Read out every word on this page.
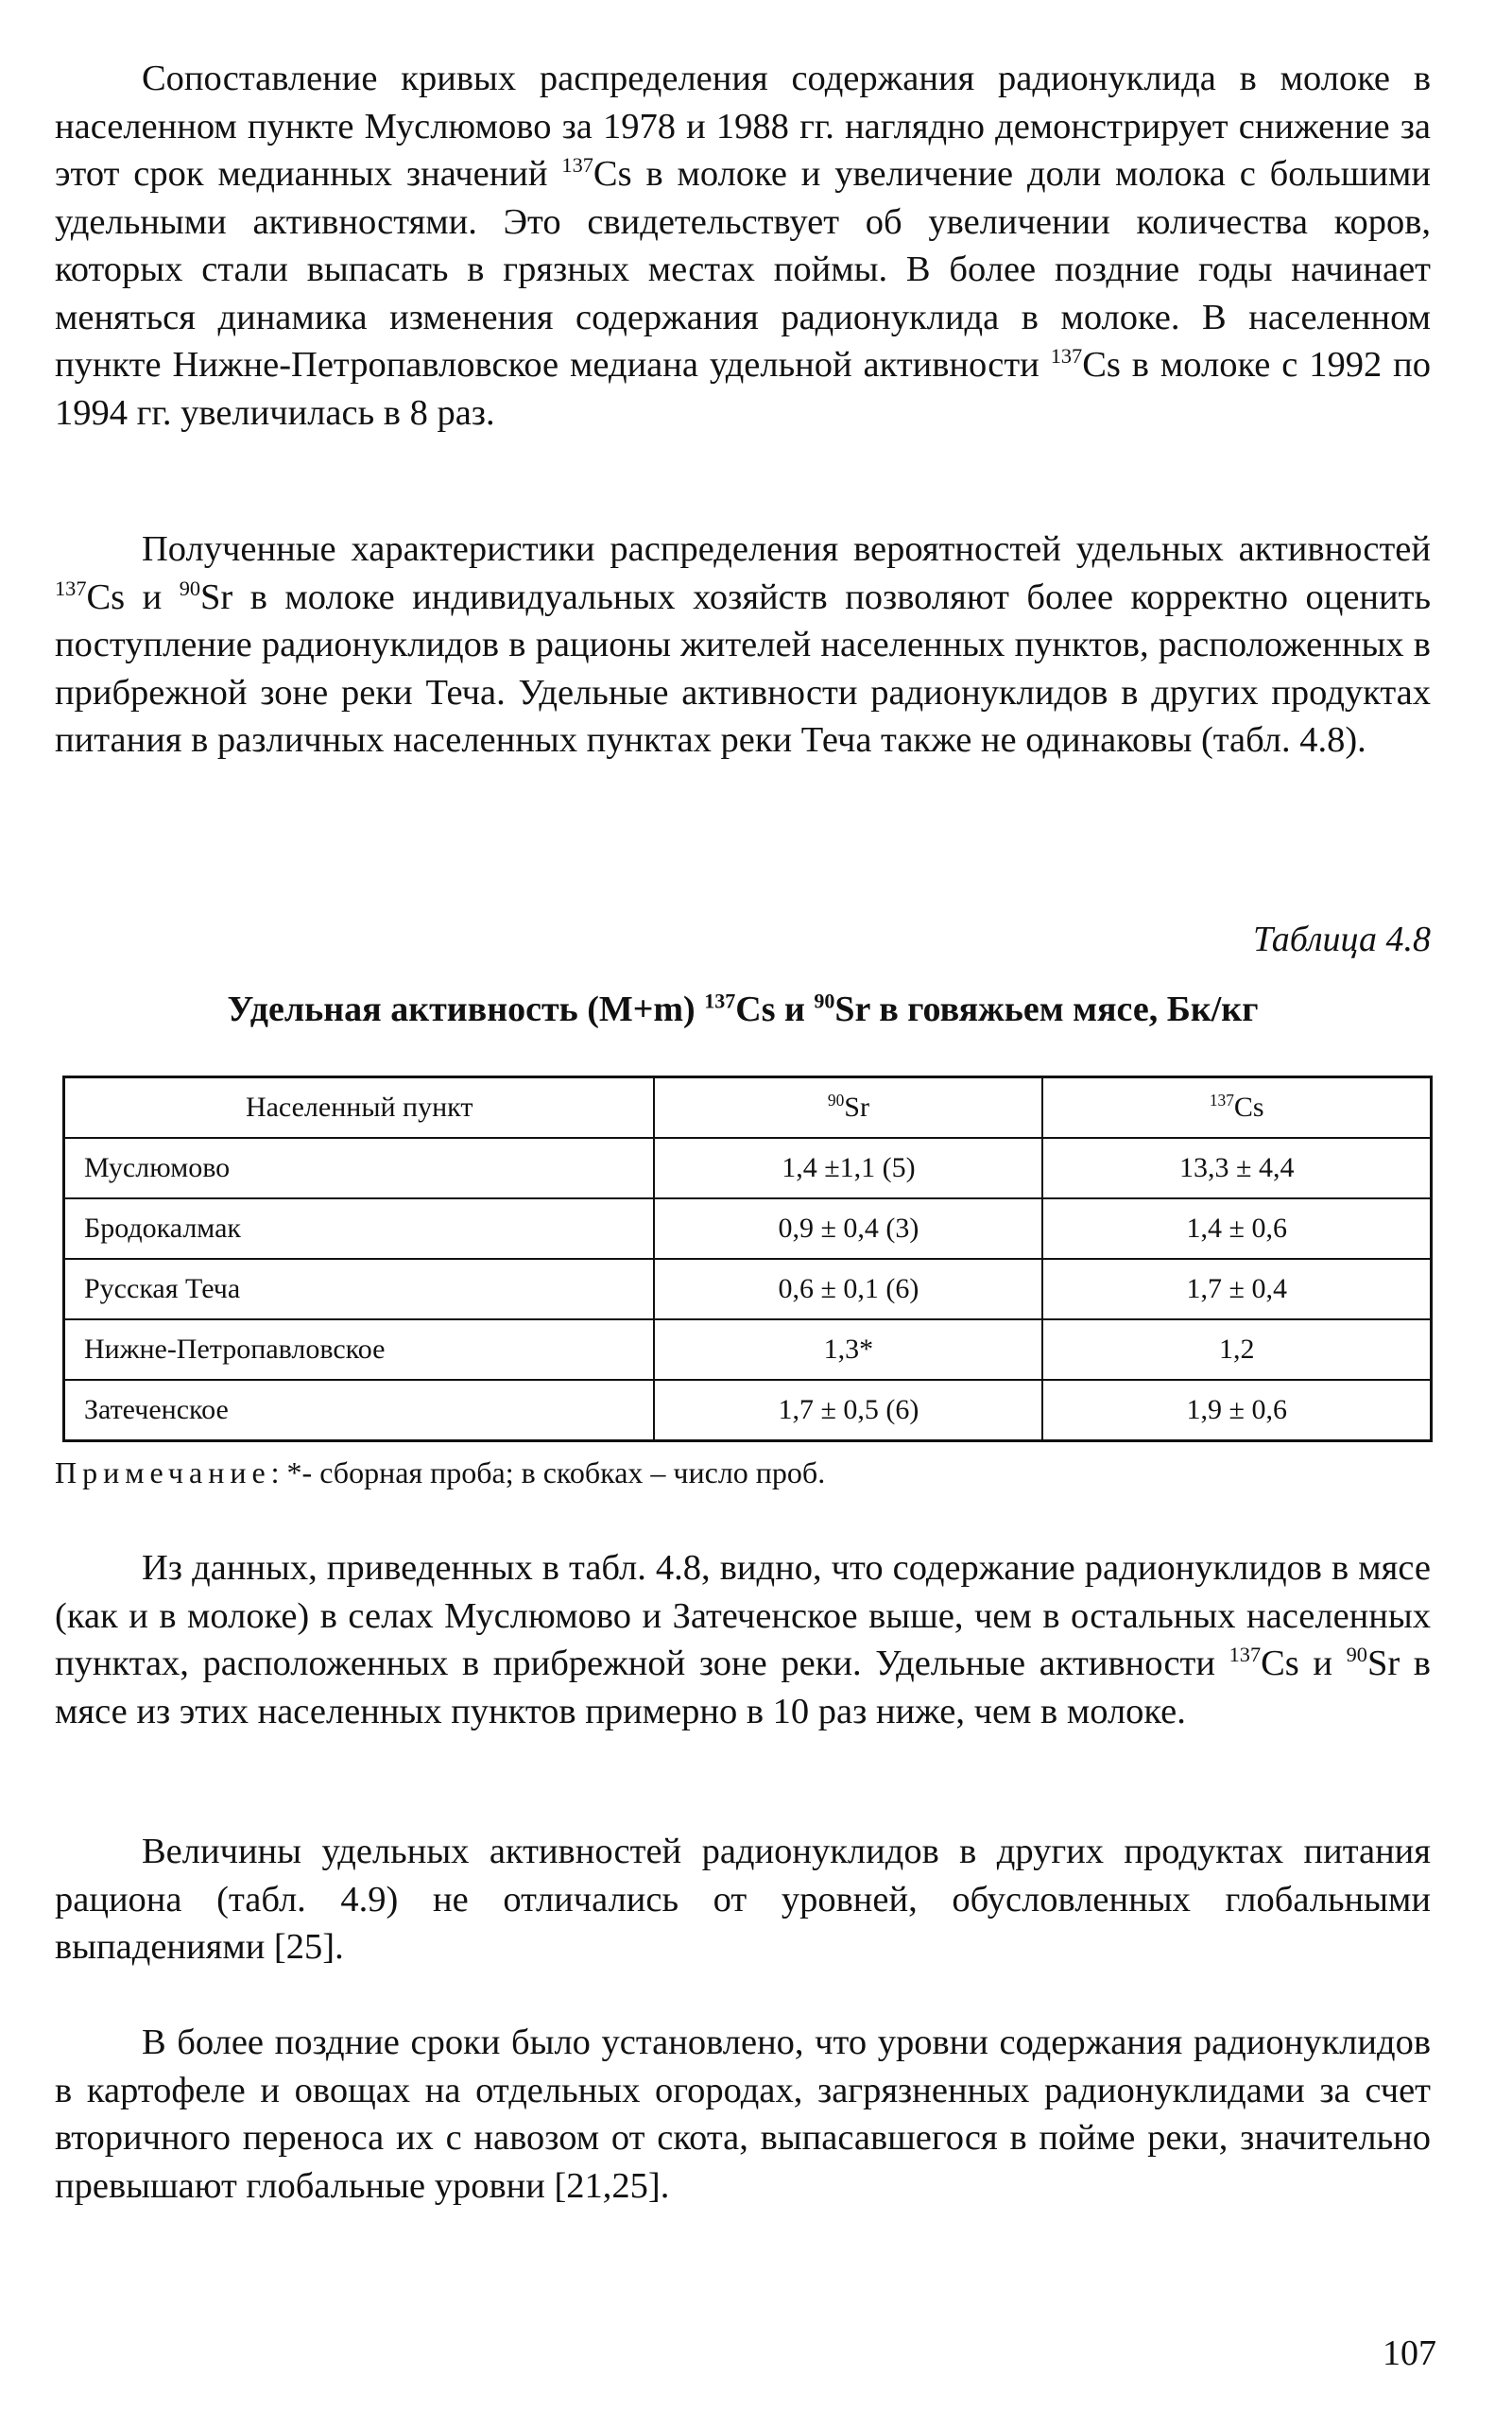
Сопоставление кривых распределения содержания радионуклида в молоке в населенном пункте Муслюмово за 1978 и 1988 гг. наглядно демонстрирует снижение за этот срок медианных значений $^{137}$Cs в молоке и увеличение доли молока с большими удельными активностями. Это свидетельствует об увеличении количества коров, которых стали выпасать в грязных местах поймы. В более поздние годы начинает меняться динамика изменения содержания радионуклида в молоке. В населенном пункте Нижне-Петропавловское медиана удельной активности $^{137}$Cs в молоке с 1992 по 1994 гг. увеличилась в 8 раз.

Полученные характеристики распределения вероятностей удельных активностей $^{137}$Cs и $^{90}$Sr в молоке индивидуальных хозяйств позволяют более корректно оценить поступление радионуклидов в рационы жителей населенных пунктов, расположенных в прибрежной зоне реки Теча. Удельные активности радионуклидов в других продуктах питания в различных населенных пунктах реки Теча также не одинаковы (табл. 4.8).

Таблица 4.8
Удельная активность (M+m) $^{137}$Cs и $^{90}$Sr в говяжьем мясе, Бк/кг
Населенный пункт	$^{90}$Sr	$^{137}$Cs
Муслюмово	1,4 ±1,1 (5)	13,3 ± 4,4
Бродокалмак	0,9 ± 0,4 (3)	1,4 ± 0,6
Русская Теча	0,6 ± 0,1 (6)	1,7 ± 0,4
Нижне-Петропавловское	1,3*	1,2
Затеченское	1,7 ± 0,5 (6)	1,9 ± 0,6
Примечание: *- сборная проба; в скобках – число проб.

Из данных, приведенных в табл. 4.8, видно, что содержание радионуклидов в мясе (как и в молоке) в селах Муслюмово и Затеченское выше, чем в остальных населенных пунктах, расположенных в прибрежной зоне реки. Удельные активности $^{137}$Cs и $^{90}$Sr в мясе из этих населенных пунктов примерно в 10 раз ниже, чем в молоке.

Величины удельных активностей радионуклидов в других продуктах питания рациона (табл. 4.9) не отличались от уровней, обусловленных глобальными выпадениями [25].

В более поздние сроки было установлено, что уровни содержания радионуклидов в картофеле и овощах на отдельных огородах, загрязненных радионуклидами за счет вторичного переноса их с навозом от скота, выпасавшегося в пойме реки, значительно превышают глобальные уровни [21,25].

107
